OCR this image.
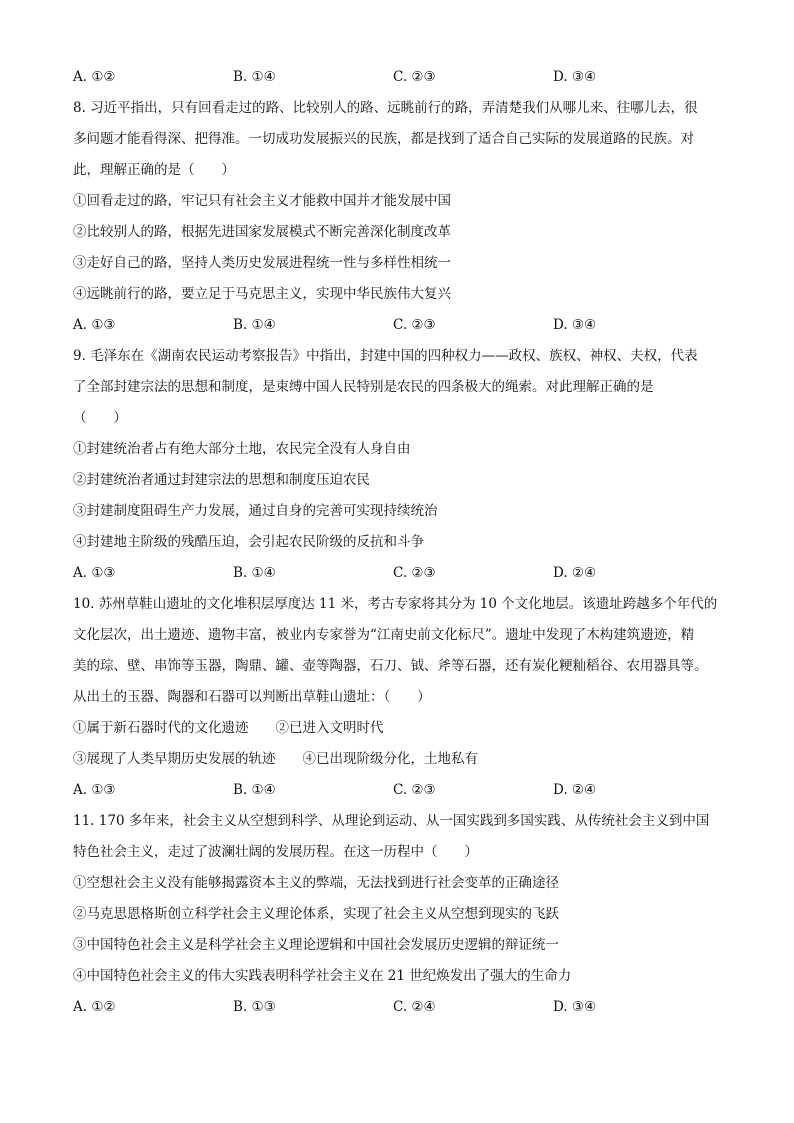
A. ①②	B. ①④	C. ②③	D. ③④
8. 习近平指出，只有回看走过的路、比较别人的路、远眺前行的路，弄清楚我们从哪儿来、往哪儿去，很
多问题才能看得深、把得准。一切成功发展振兴的民族，都是找到了适合自己实际的发展道路的民族。对
此，理解正确的是（　　）
①回看走过的路，牢记只有社会主义才能救中国并才能发展中国
②比较别人的路，根据先进国家发展模式不断完善深化制度改革
③走好自己的路，坚持人类历史发展进程统一性与多样性相统一
④远眺前行的路，要立足于马克思主义，实现中华民族伟大复兴
A. ①③	B. ①④	C. ②③	D. ③④
9. 毛泽东在《湖南农民运动考察报告》中指出，封建中国的四种权力——政权、族权、神权、夫权，代表
了全部封建宗法的思想和制度，是束缚中国人民特别是农民的四条极大的绳索。对此理解正确的是
（　　）
①封建统治者占有绝大部分土地，农民完全没有人身自由
②封建统治者通过封建宗法的思想和制度压迫农民
③封建制度阻碍生产力发展，通过自身的完善可实现持续统治
④封建地主阶级的残酷压迫，会引起农民阶级的反抗和斗争
A. ①③	B. ①④	C. ②③	D. ②④
10. 苏州草鞋山遗址的文化堆积层厚度达 11 米，考古专家将其分为 10 个文化地层。该遗址跨越多个年代的
文化层次，出土遗迹、遗物丰富，被业内专家誉为“江南史前文化标尺”。遗址中发现了木构建筑遗迹，精
美的琮、壁、串饰等玉器，陶鼎、罐、壶等陶器，石刀、钺、斧等石器，还有炭化粳籼稻谷、农用器具等。
从出土的玉器、陶器和石器可以判断出草鞋山遗址：（　　）
①属于新石器时代的文化遗迹　　②已进入文明时代
③展现了人类早期历史发展的轨迹　　④已出现阶级分化，土地私有
A. ①③	B. ①④	C. ②③	D. ②④
11. 170 多年来，社会主义从空想到科学、从理论到运动、从一国实践到多国实践、从传统社会主义到中国
特色社会主义，走过了波澜壮阔的发展历程。在这一历程中（　　）
①空想社会主义没有能够揭露资本主义的弊端，无法找到进行社会变革的正确途径
②马克思恩格斯创立科学社会主义理论体系，实现了社会主义从空想到现实的飞跃
③中国特色社会主义是科学社会主义理论逻辑和中国社会发展历史逻辑的辩证统一
④中国特色社会主义的伟大实践表明科学社会主义在 21 世纪焕发出了强大的生命力
A. ①②	B. ①③	C. ②④	D. ③④
